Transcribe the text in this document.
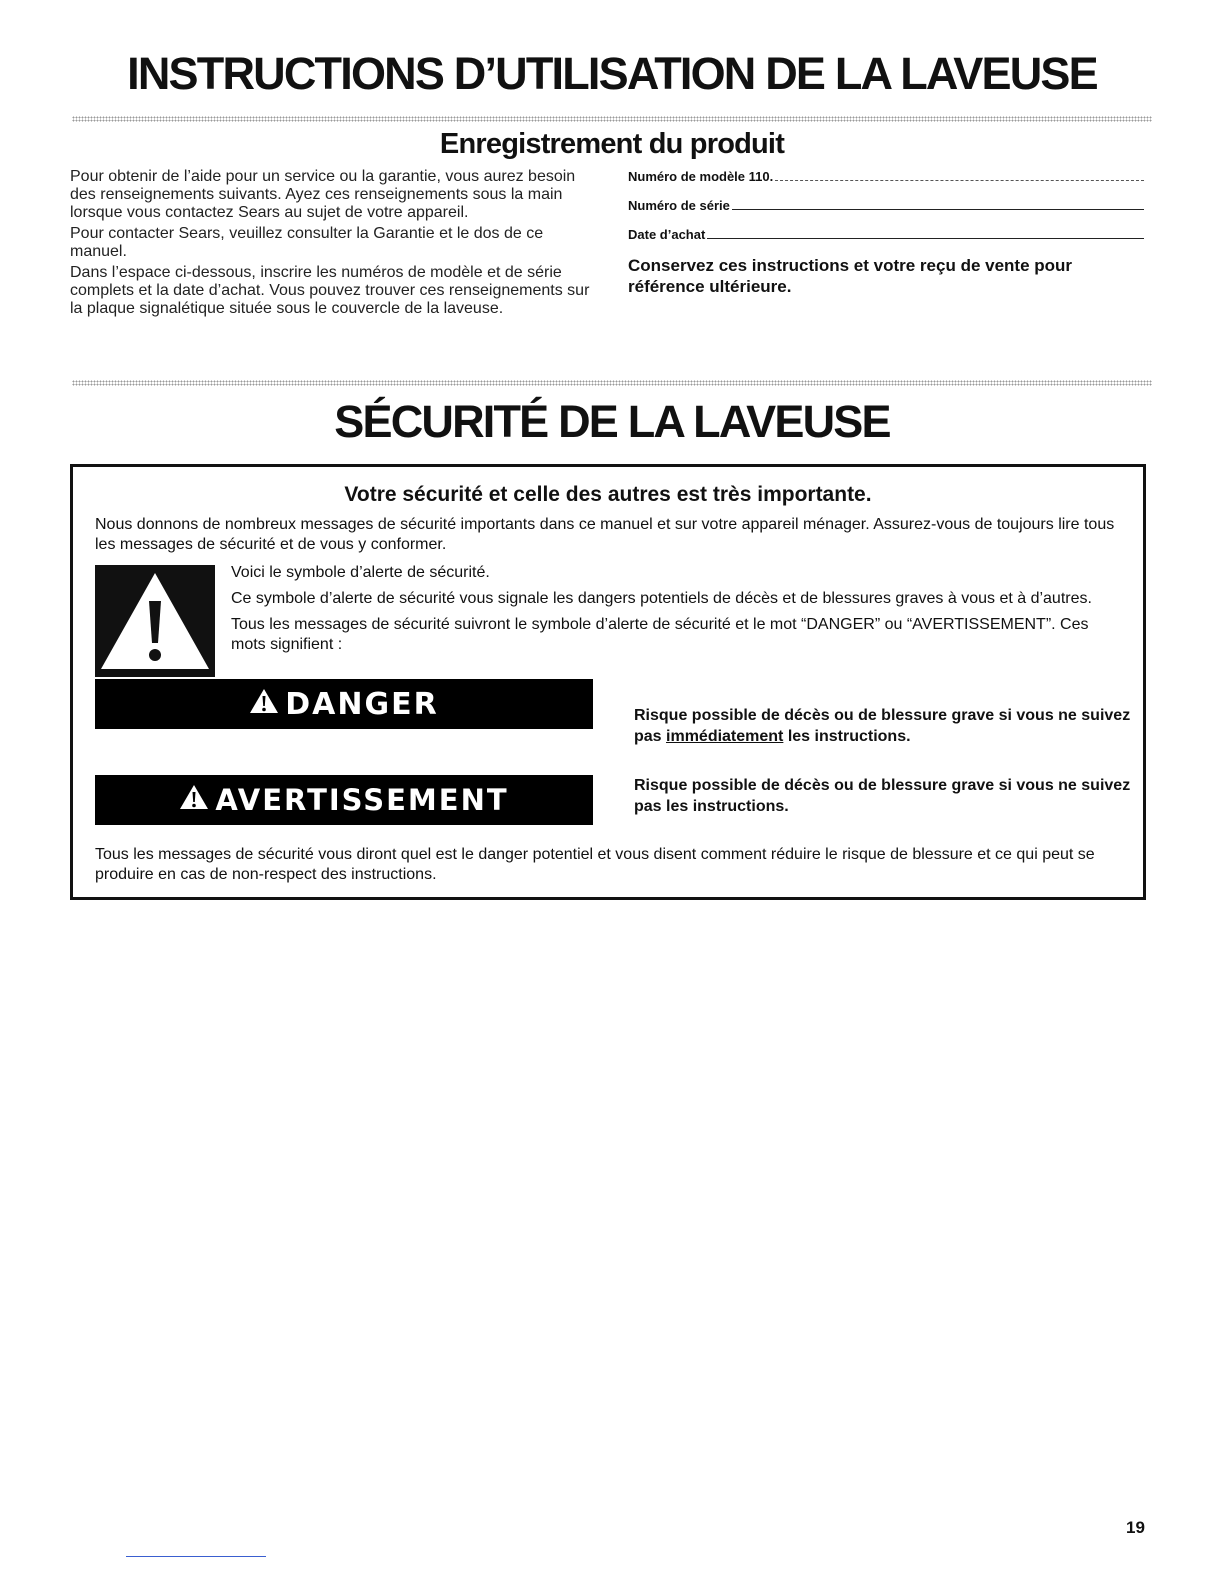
INSTRUCTIONS D’UTILISATION DE LA LAVEUSE
Enregistrement du produit

Pour obtenir de l’aide pour un service ou la garantie, vous aurez besoin des renseignements suivants. Ayez ces renseignements sous la main lorsque vous contactez Sears au sujet de votre appareil.

Pour contacter Sears, veuillez consulter la Garantie et le dos de ce manuel.

Dans l’espace ci-dessous, inscrire les numéros de modèle et de série complets et la date d’achat. Vous pouvez trouver ces renseignements sur la plaque signalétique située sous le couvercle de la laveuse.

Numéro de modèle 110.
Numéro de série
Date d’achat
Conservez ces instructions et votre reçu de vente pour référence ultérieure.
SÉCURITÉ DE LA LAVEUSE
Votre sécurité et celle des autres est très importante.

Nous donnons de nombreux messages de sécurité importants dans ce manuel et sur votre appareil ménager. Assurez-vous de toujours lire tous les messages de sécurité et de vous y conformer.

Voici le symbole d’alerte de sécurité.

Ce symbole d’alerte de sécurité vous signale les dangers potentiels de décès et de blessures graves à vous et à d’autres.

Tous les messages de sécurité suivront le symbole d’alerte de sécurité et le mot “DANGER” ou “AVERTISSEMENT”. Ces mots signifient :

DANGER	Risque possible de décès ou de blessure grave si vous ne suivez pas immédiatement les instructions.

AVERTISSEMENT	Risque possible de décès ou de blessure grave si vous ne suivez pas les instructions.

Tous les messages de sécurité vous diront quel est le danger potentiel et vous disent comment réduire le risque de blessure et ce qui peut se produire en cas de non-respect des instructions.

19
